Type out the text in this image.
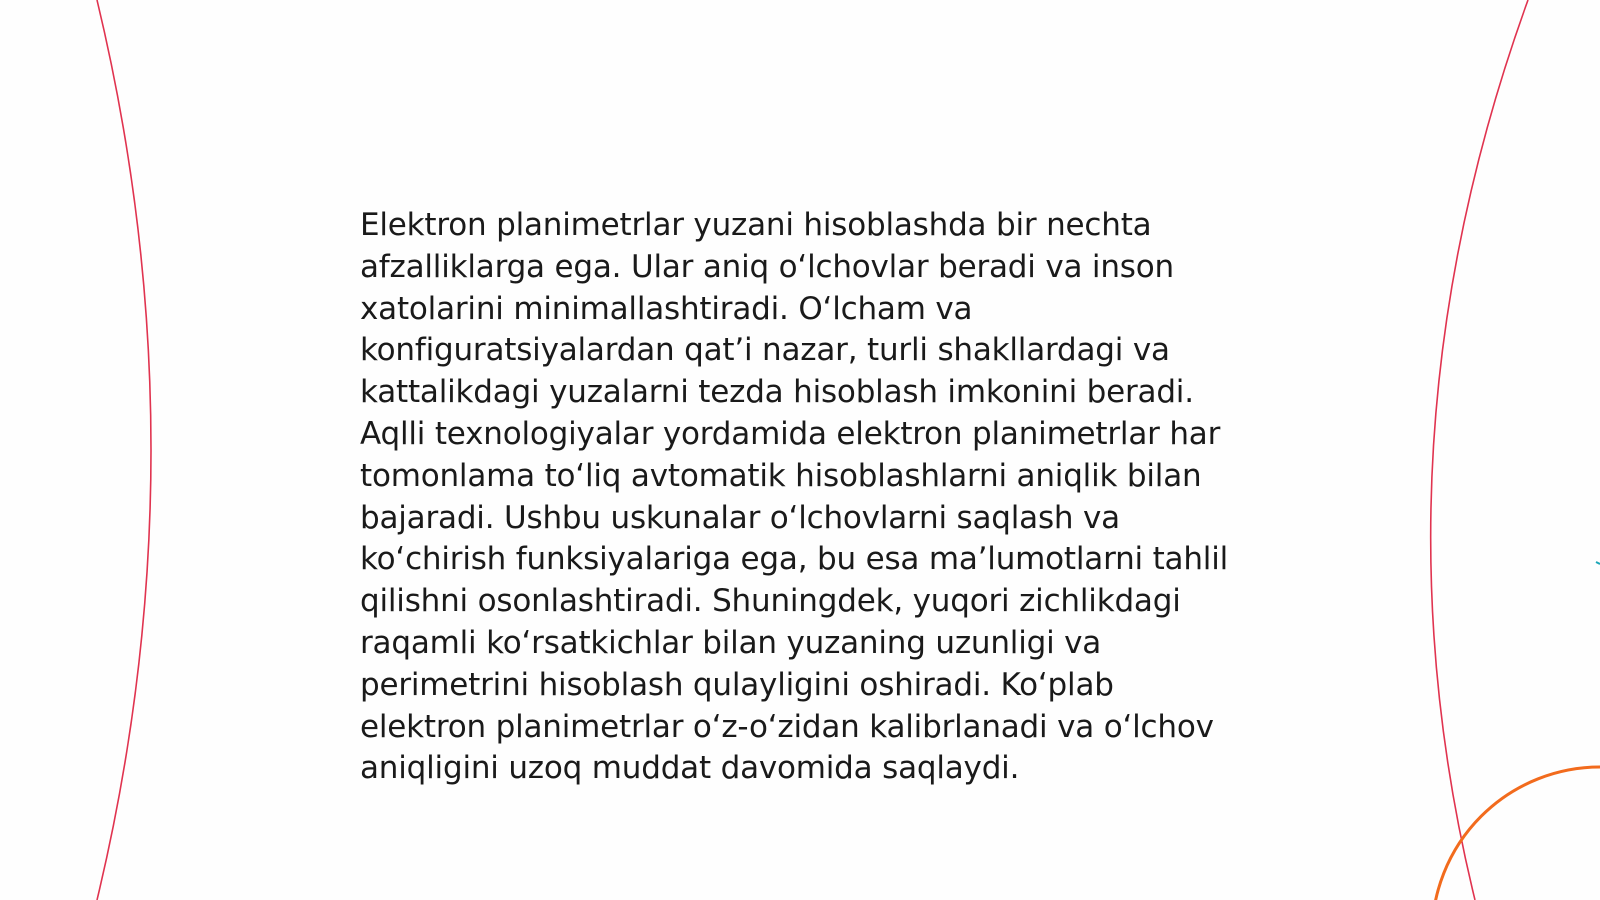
Elektron planimetrlar yuzani hisoblashda bir nechta afzalliklarga ega. Ular aniq oʻlchovlar beradi va inson xatolarini minimallashtiradi. Oʻlcham va konfiguratsiyalardan qatʼi nazar, turli shakllardagi va kattalikdagi yuzalarni tezda hisoblash imkonini beradi. Aqlli texnologiyalar yordamida elektron planimetrlar har tomonlama toʻliq avtomatik hisoblashlarni aniqlik bilan bajaradi. Ushbu uskunalar oʻlchovlarni saqlash va koʻchirish funksiyalariga ega, bu esa maʼlumotlarni tahlil qilishni osonlashtiradi. Shuningdek, yuqori zichlikdagi raqamli koʻrsatkichlar bilan yuzaning uzunligi va perimetrini hisoblash qulayligini oshiradi. Koʻplab elektron planimetrlar oʻz-oʻzidan kalibrlanadi va oʻlchov aniqligini uzoq muddat davomida saqlaydi.
